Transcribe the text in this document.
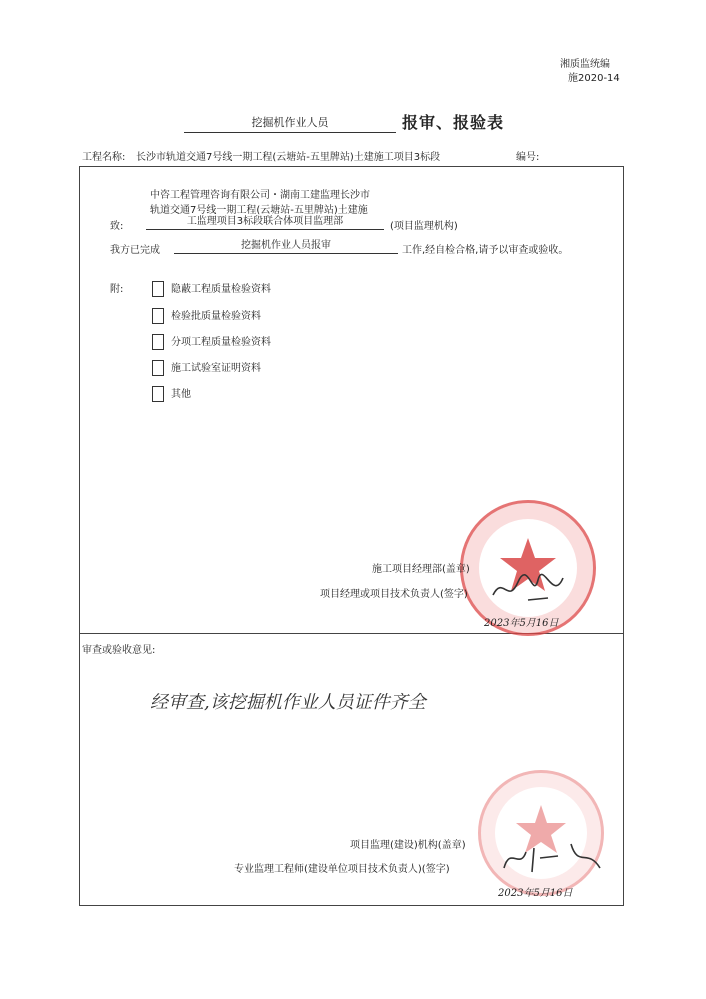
湘质监统编
施2020-14
挖掘机作业人员	报审、报验表
工程名称: 长沙市轨道交通7号线一期工程(云塘站-五里牌站)土建施工项目3标段	编号:
中咨工程管理咨询有限公司・湖南工建监理长沙市
轨道交通7号线一期工程(云塘站-五里牌站)土建施
致:	工监理项目3标段联合体项目监理部	(项目监理机构)
我方已完成	挖掘机作业人员报审	工作,经自检合格,请予以审查或验收。
附:	隐蔽工程质量检验资料
检验批质量检验资料
分项工程质量检验资料
施工试验室证明资料
其他
施工项目经理部(盖章)
项目经理或项目技术负责人(签字)
2023年5月16日
审查或验收意见:
经审查,该挖掘机作业人员证件齐全
项目监理(建设)机构(盖章)
专业监理工程师(建设单位项目技术负责人)(签字)
2023年5月16日
